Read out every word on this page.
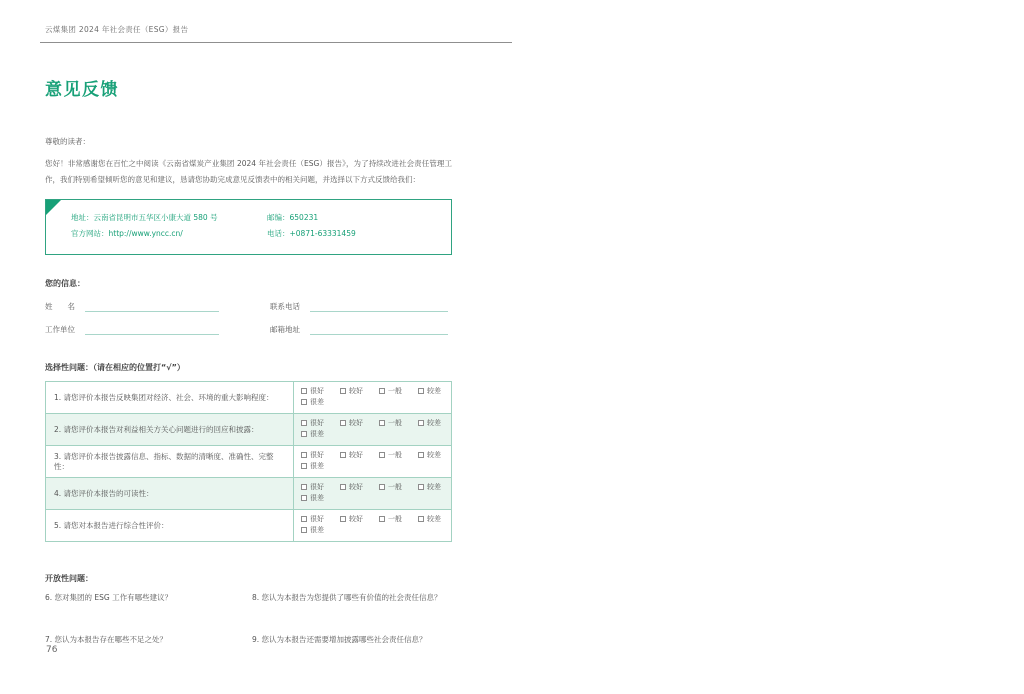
云煤集团 2024 年社会责任（ESG）报告
意见反馈

尊敬的读者：

您好！非常感谢您在百忙之中阅读《云南省煤炭产业集团 2024 年社会责任（ESG）报告》，为了持续改进社会责任管理工作，我们特别希望倾听您的意见和建议，恳请您协助完成意见反馈表中的相关问题，并选择以下方式反馈给我们：

地址：云南省昆明市五华区小康大道 580 号	邮编：650231
官方网站：http://www.yncc.cn/	电话：+0871-63331459
您的信息：
姓　　名	联系电话
工作单位	邮箱地址
选择性问题：（请在相应的位置打“√”）
1. 请您评价本报告反映集团对经济、社会、环境的重大影响程度：	很好 较好 一般 较差
很差

2. 请您评价本报告对利益相关方关心问题进行的回应和披露：	很好 较好 一般 较差
很差

3. 请您评价本报告披露信息、指标、数据的清晰度、准确性、完整性：	很好 较好 一般 较差
很差

4. 请您评价本报告的可读性：	很好 较好 一般 较差
很差

5. 请您对本报告进行综合性评价：	很好 较好 一般 较差
很差
开放性问题：
6. 您对集团的 ESG 工作有哪些建议？	8. 您认为本报告为您提供了哪些有价值的社会责任信息？
7. 您认为本报告存在哪些不足之处？	9. 您认为本报告还需要增加披露哪些社会责任信息？
76
